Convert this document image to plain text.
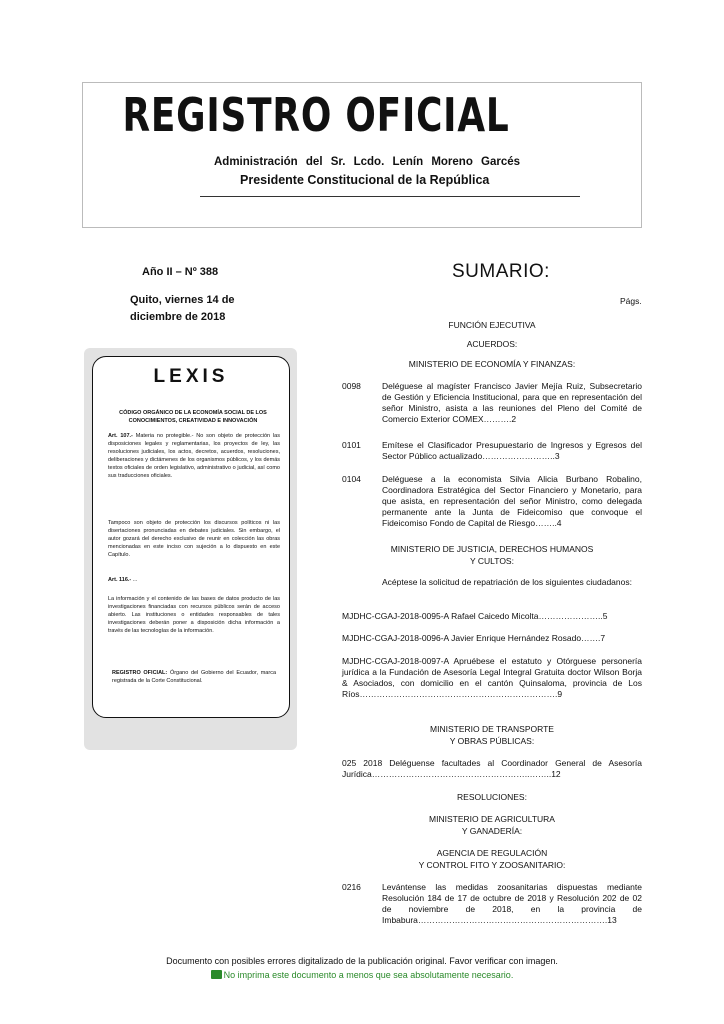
REGISTRO OFICIAL
Administración del Sr. Lcdo. Lenín Moreno Garcés
Presidente Constitucional de la República
Año II – Nº 388
Quito, viernes 14 de diciembre de 2018
LEXIS
CÓDIGO ORGÁNICO DE LA ECONOMÍA SOCIAL DE LOS CONOCIMIENTOS, CREATIVIDAD E INNOVACIÓN
Art. 107.- Materia no protegible.- No son objeto de protección las disposiciones legales y reglamentarias, los proyectos de ley, las resoluciones judiciales, los actos, decretos, acuerdos, resoluciones, deliberaciones y dictámenes de los organismos públicos, y los demás textos oficiales de orden legislativo, administrativo o judicial, así como sus traducciones oficiales.
Tampoco son objeto de protección los discursos políticos ni las disertaciones pronunciadas en debates judiciales. Sin embargo, el autor gozará del derecho exclusivo de reunir en colección las obras mencionadas en este inciso con sujeción a lo dispuesto en este Capítulo.
Art. 116.- ...
La información y el contenido de las bases de datos producto de las investigaciones financiadas con recursos públicos serán de acceso abierto. Las instituciones o entidades responsables de tales investigaciones deberán poner a disposición dicha información a través de las tecnologías de la información.
REGISTRO OFICIAL: Órgano del Gobierno del Ecuador, marca registrada de la Corte Constitucional.
SUMARIO:
Págs.
FUNCIÓN EJECUTIVA
ACUERDOS:
MINISTERIO DE ECONOMÍA Y FINANZAS:
0098 Deléguese al magíster Francisco Javier Mejía Ruiz, Subsecretario de Gestión y Eficiencia Institucional, para que en representación del señor Ministro, asista a las reuniones del Pleno del Comité de Comercio Exterior COMEX……….2
0101 Emítese el Clasificador Presupuestario de Ingresos y Egresos del Sector Público actualizado……………………..3
0104 Deléguese a la economista Silvia Alicia Burbano Robalino, Coordinadora Estratégica del Sector Financiero y Monetario, para que asista, en representación del señor Ministro, como delegada permanente ante la Junta de Fideicomiso que convoque el Fideicomiso Fondo de Capital de Riesgo……..4
MINISTERIO DE JUSTICIA, DERECHOS HUMANOS
Y CULTOS:
Acéptese la solicitud de repatriación de los siguientes ciudadanos:
MJDHC-CGAJ-2018-0095-A Rafael Caicedo Micolta…………………..5
MJDHC-CGAJ-2018-0096-A Javier Enrique Hernández Rosado…….7
MJDHC-CGAJ-2018-0097-A Apruébese el estatuto y Otórguese personería jurídica a la Fundación de Asesoría Legal Integral Gratuita doctor Wilson Borja & Asociados, con domicilio en el cantón Quinsaloma, provincia de Los Ríos…………………………………………………………….9
MINISTERIO DE TRANSPORTE
Y OBRAS PÚBLICAS:
025 2018 Deléguense facultades al Coordinador General de Asesoría Jurídica………………………………………………..……..12
RESOLUCIONES:
MINISTERIO DE AGRICULTURA
Y GANADERÍA:
AGENCIA DE REGULACIÓN
Y CONTROL FITO Y ZOOSANITARIO:
0216 Levántense las medidas zoosanitarias dispuestas mediante Resolución 184 de 17 de octubre de 2018 y Resolución 202 de 02 de noviembre de 2018, en la provincia de Imbabura………………………………………………………….13
Documento con posibles errores digitalizado de la publicación original. Favor verificar con imagen.
No imprima este documento a menos que sea absolutamente necesario.
